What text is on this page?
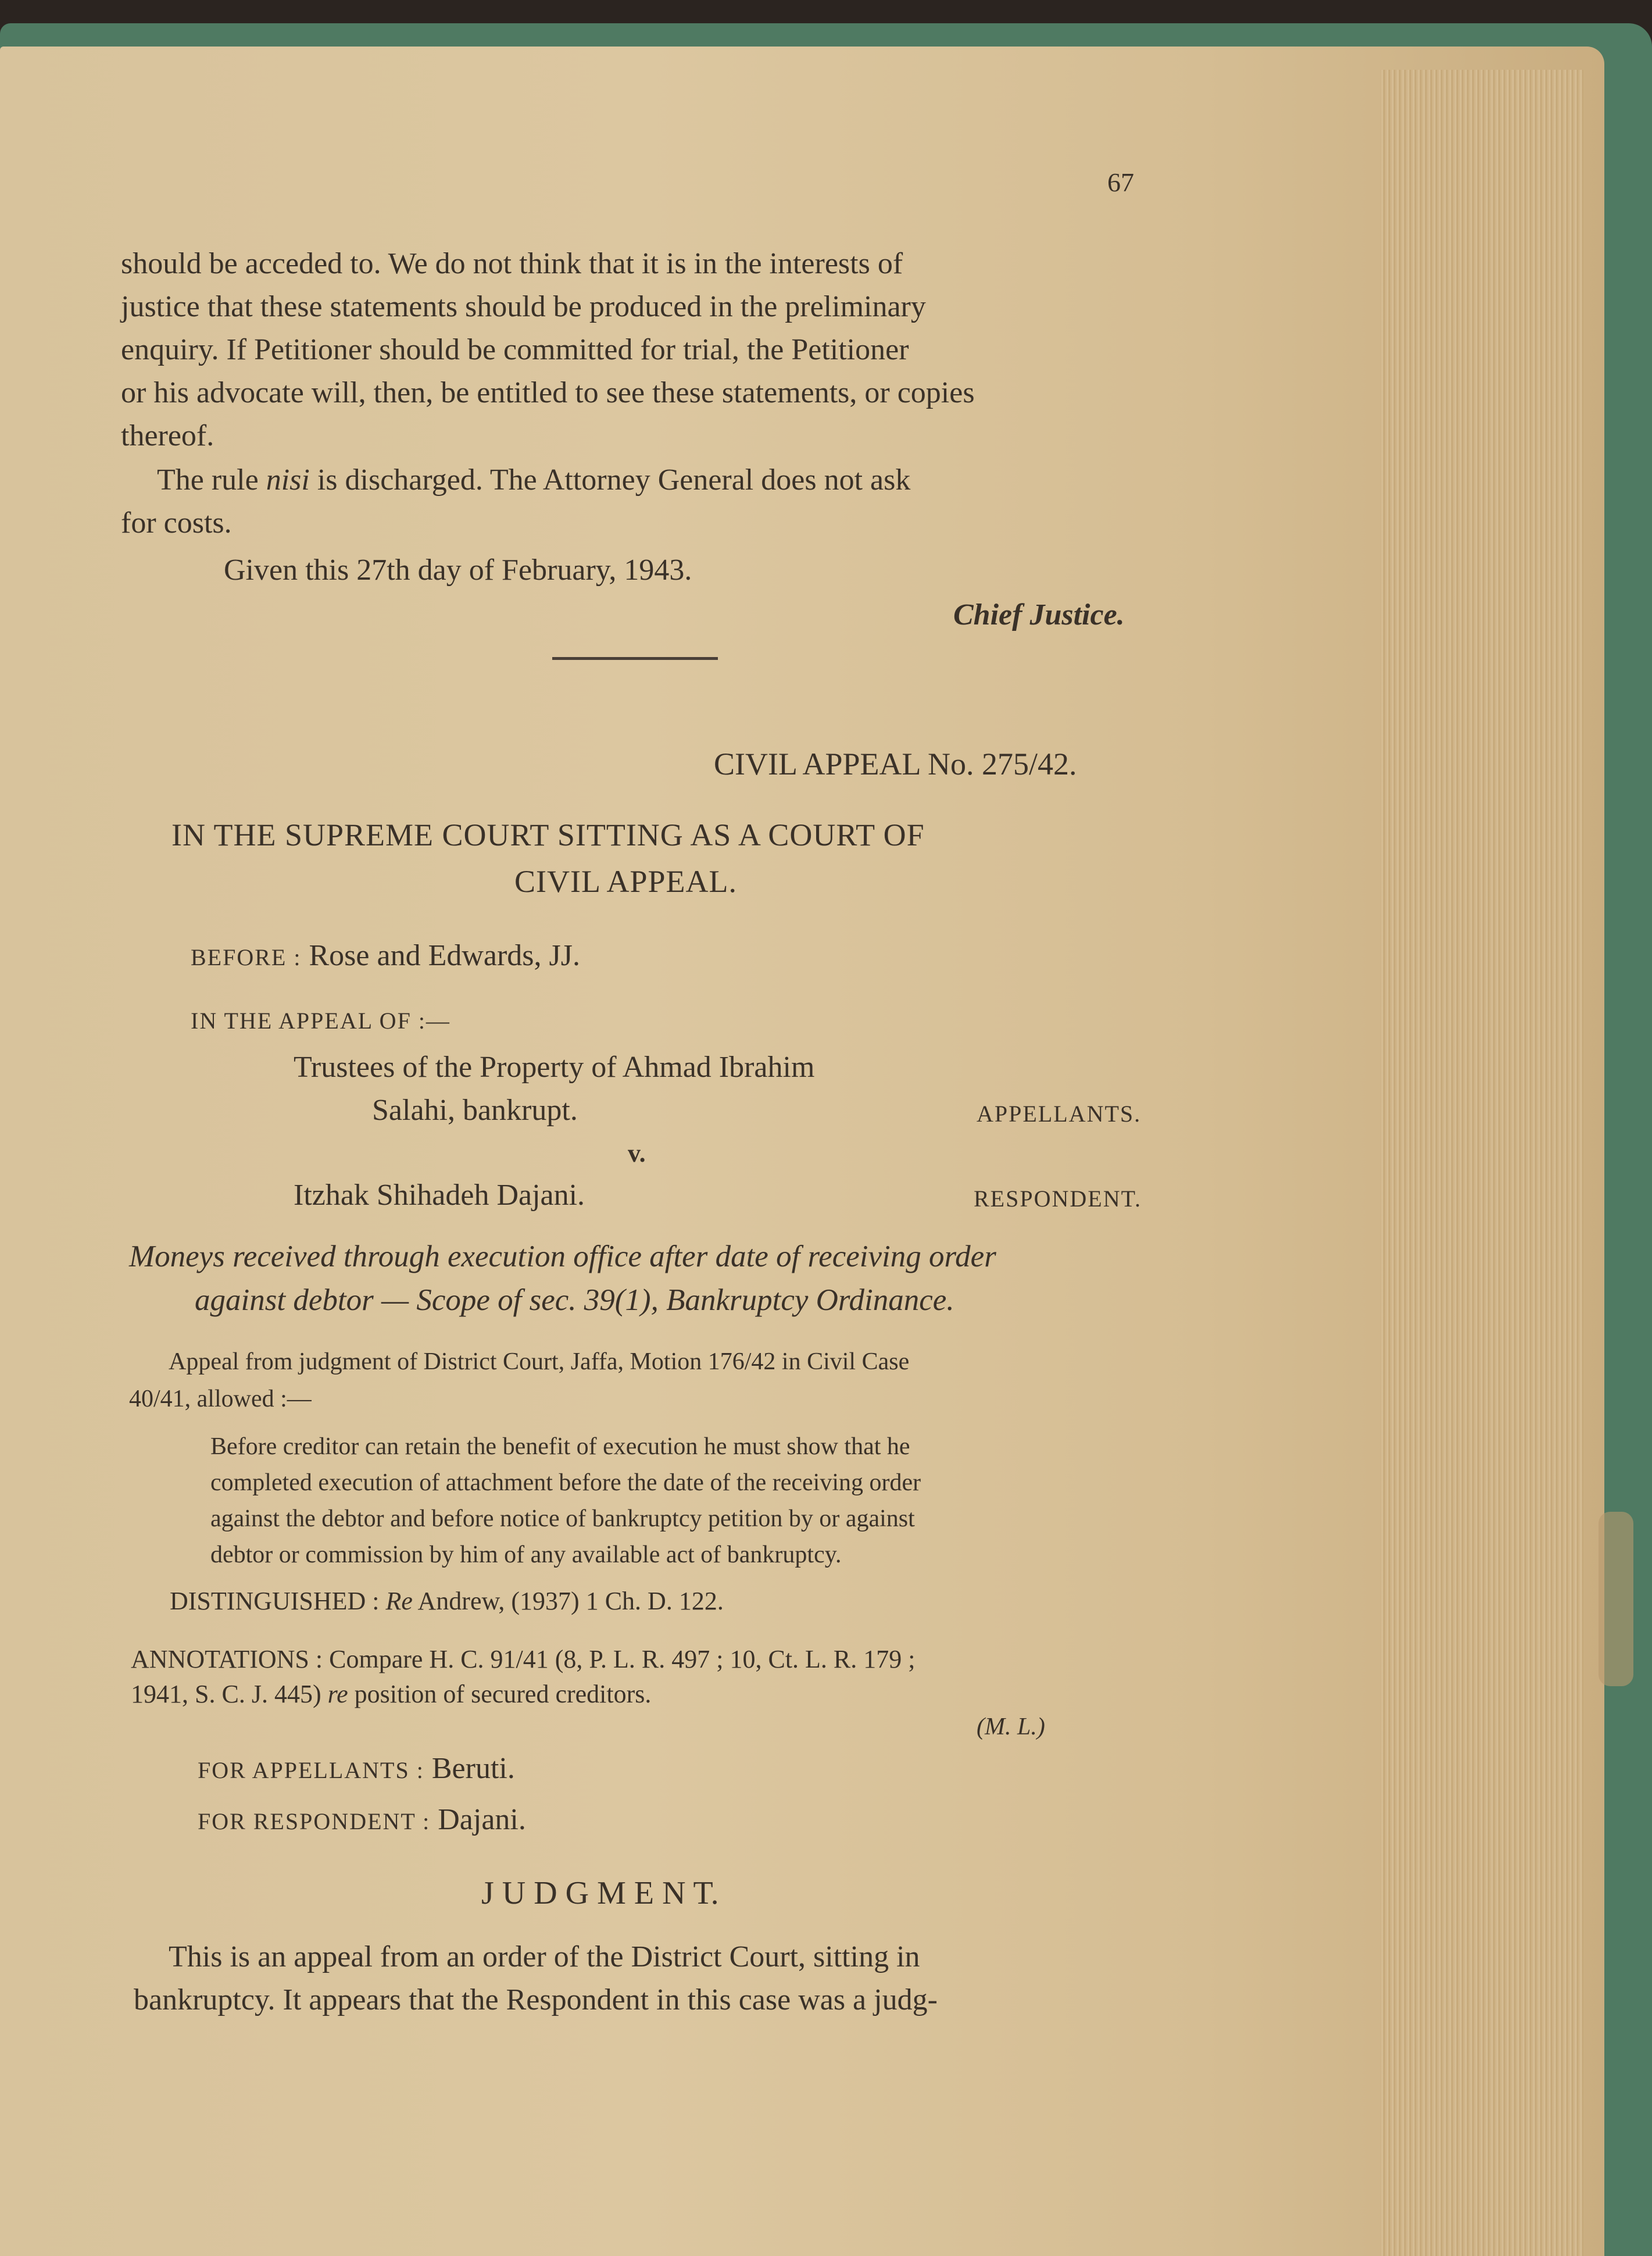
67
should be acceded to. We do not think that it is in the interests of
justice that these statements should be produced in the preliminary
enquiry. If Petitioner should be committed for trial, the Petitioner
or his advocate will, then, be entitled to see these statements, or copies
thereof.
The rule nisi is discharged. The Attorney General does not ask
for costs.
Given this 27th day of February, 1943.
Chief Justice.
CIVIL APPEAL No. 275/42.
IN THE SUPREME COURT SITTING AS A COURT OF
CIVIL APPEAL.
BEFORE : Rose and Edwards, JJ.
IN THE APPEAL OF :—
Trustees of the Property of Ahmad Ibrahim
Salahi, bankrupt.	APPELLANTS.
v.
Itzhak Shihadeh Dajani.	RESPONDENT.
Moneys received through execution office after date of receiving order
against debtor — Scope of sec. 39(1), Bankruptcy Ordinance.
Appeal from judgment of District Court, Jaffa, Motion 176/42 in Civil Case
40/41, allowed :—
Before creditor can retain the benefit of execution he must show that he
completed execution of attachment before the date of the receiving order
against the debtor and before notice of bankruptcy petition by or against
debtor or commission by him of any available act of bankruptcy.
DISTINGUISHED : Re Andrew, (1937) 1 Ch. D. 122.
ANNOTATIONS : Compare H. C. 91/41 (8, P. L. R. 497 ; 10, Ct. L. R. 179 ;
1941, S. C. J. 445) re position of secured creditors.
(M. L.)
FOR APPELLANTS : Beruti.
FOR RESPONDENT : Dajani.
J U D G M E N T.
This is an appeal from an order of the District Court, sitting in
bankruptcy. It appears that the Respondent in this case was a judg-
